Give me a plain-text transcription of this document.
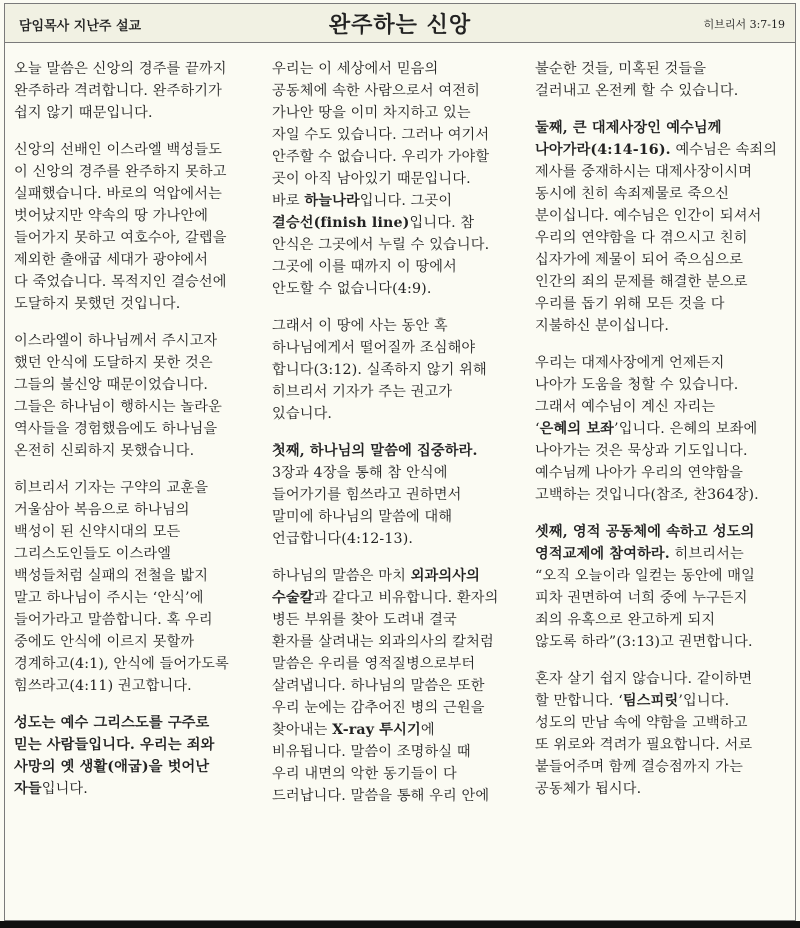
담임목사 지난주 설교	완주하는 신앙	히브리서 3:7-19

오늘 말씀은 신앙의 경주를 끝까지
완주하라 격려합니다. 완주하기가
쉽지 않기 때문입니다.

신앙의 선배인 이스라엘 백성들도
이 신앙의 경주를 완주하지 못하고
실패했습니다. 바로의 억압에서는
벗어났지만 약속의 땅 가나안에
들어가지 못하고 여호수아, 갈렙을
제외한 출애굽 세대가 광야에서
다 죽었습니다. 목적지인 결승선에
도달하지 못했던 것입니다.

이스라엘이 하나님께서 주시고자
했던 안식에 도달하지 못한 것은
그들의 불신앙 때문이었습니다.
그들은 하나님이 행하시는 놀라운
역사들을 경험했음에도 하나님을
온전히 신뢰하지 못했습니다.

히브리서 기자는 구약의 교훈을
거울삼아 복음으로 하나님의
백성이 된 신약시대의 모든
그리스도인들도 이스라엘
백성들처럼 실패의 전철을 밟지
말고 하나님이 주시는 ‘안식’에
들어가라고 말씀합니다. 혹 우리
중에도 안식에 이르지 못할까
경계하고(4:1), 안식에 들어가도록
힘쓰라고(4:11) 권고합니다.

성도는 예수 그리스도를 구주로
믿는 사람들입니다. 우리는 죄와
사망의 옛 생활(애굽)을 벗어난
자들입니다.

우리는 이 세상에서 믿음의
공동체에 속한 사람으로서 여전히
가나안 땅을 이미 차지하고 있는
자일 수도 있습니다. 그러나 여기서
안주할 수 없습니다. 우리가 가야할
곳이 아직 남아있기 때문입니다.
바로 하늘나라입니다. 그곳이
결승선(finish line)입니다. 참
안식은 그곳에서 누릴 수 있습니다.
그곳에 이를 때까지 이 땅에서
안도할 수 없습니다(4:9).

그래서 이 땅에 사는 동안 혹
하나님에게서 떨어질까 조심해야
합니다(3:12). 실족하지 않기 위해
히브리서 기자가 주는 권고가
있습니다.

첫째, 하나님의 말씀에 집중하라.
3장과 4장을 통해 참 안식에
들어가기를 힘쓰라고 권하면서
말미에 하나님의 말씀에 대해
언급합니다(4:12-13).

하나님의 말씀은 마치 외과의사의
수술칼과 같다고 비유합니다. 환자의
병든 부위를 찾아 도려내 결국
환자를 살려내는 외과의사의 칼처럼
말씀은 우리를 영적질병으로부터
살려냅니다. 하나님의 말씀은 또한
우리 눈에는 감추어진 병의 근원을
찾아내는 X-ray 투시기에
비유됩니다. 말씀이 조명하실 때
우리 내면의 악한 동기들이 다
드러납니다. 말씀을 통해 우리 안에

불순한 것들, 미혹된 것들을
걸러내고 온전케 할 수 있습니다.

둘째, 큰 대제사장인 예수님께
나아가라(4:14-16). 예수님은 속죄의
제사를 중재하시는 대제사장이시며
동시에 친히 속죄제물로 죽으신
분이십니다. 예수님은 인간이 되셔서
우리의 연약함을 다 겪으시고 친히
십자가에 제물이 되어 죽으심으로
인간의 죄의 문제를 해결한 분으로
우리를 돕기 위해 모든 것을 다
지불하신 분이십니다.

우리는 대제사장에게 언제든지
나아가 도움을 청할 수 있습니다.
그래서 예수님이 계신 자리는
‘은혜의 보좌’입니다. 은혜의 보좌에
나아가는 것은 묵상과 기도입니다.
예수님께 나아가 우리의 연약함을
고백하는 것입니다(참조, 찬364장).

셋째, 영적 공동체에 속하고 성도의
영적교제에 참여하라. 히브리서는
“오직 오늘이라 일컫는 동안에 매일
피차 권면하여 너희 중에 누구든지
죄의 유혹으로 완고하게 되지
않도록 하라”(3:13)고 권면합니다.

혼자 살기 쉽지 않습니다. 같이하면
할 만합니다. ‘팀스피릿’입니다.
성도의 만남 속에 약함을 고백하고
또 위로와 격려가 필요합니다. 서로
붙들어주며 함께 결승점까지 가는
공동체가 됩시다.
